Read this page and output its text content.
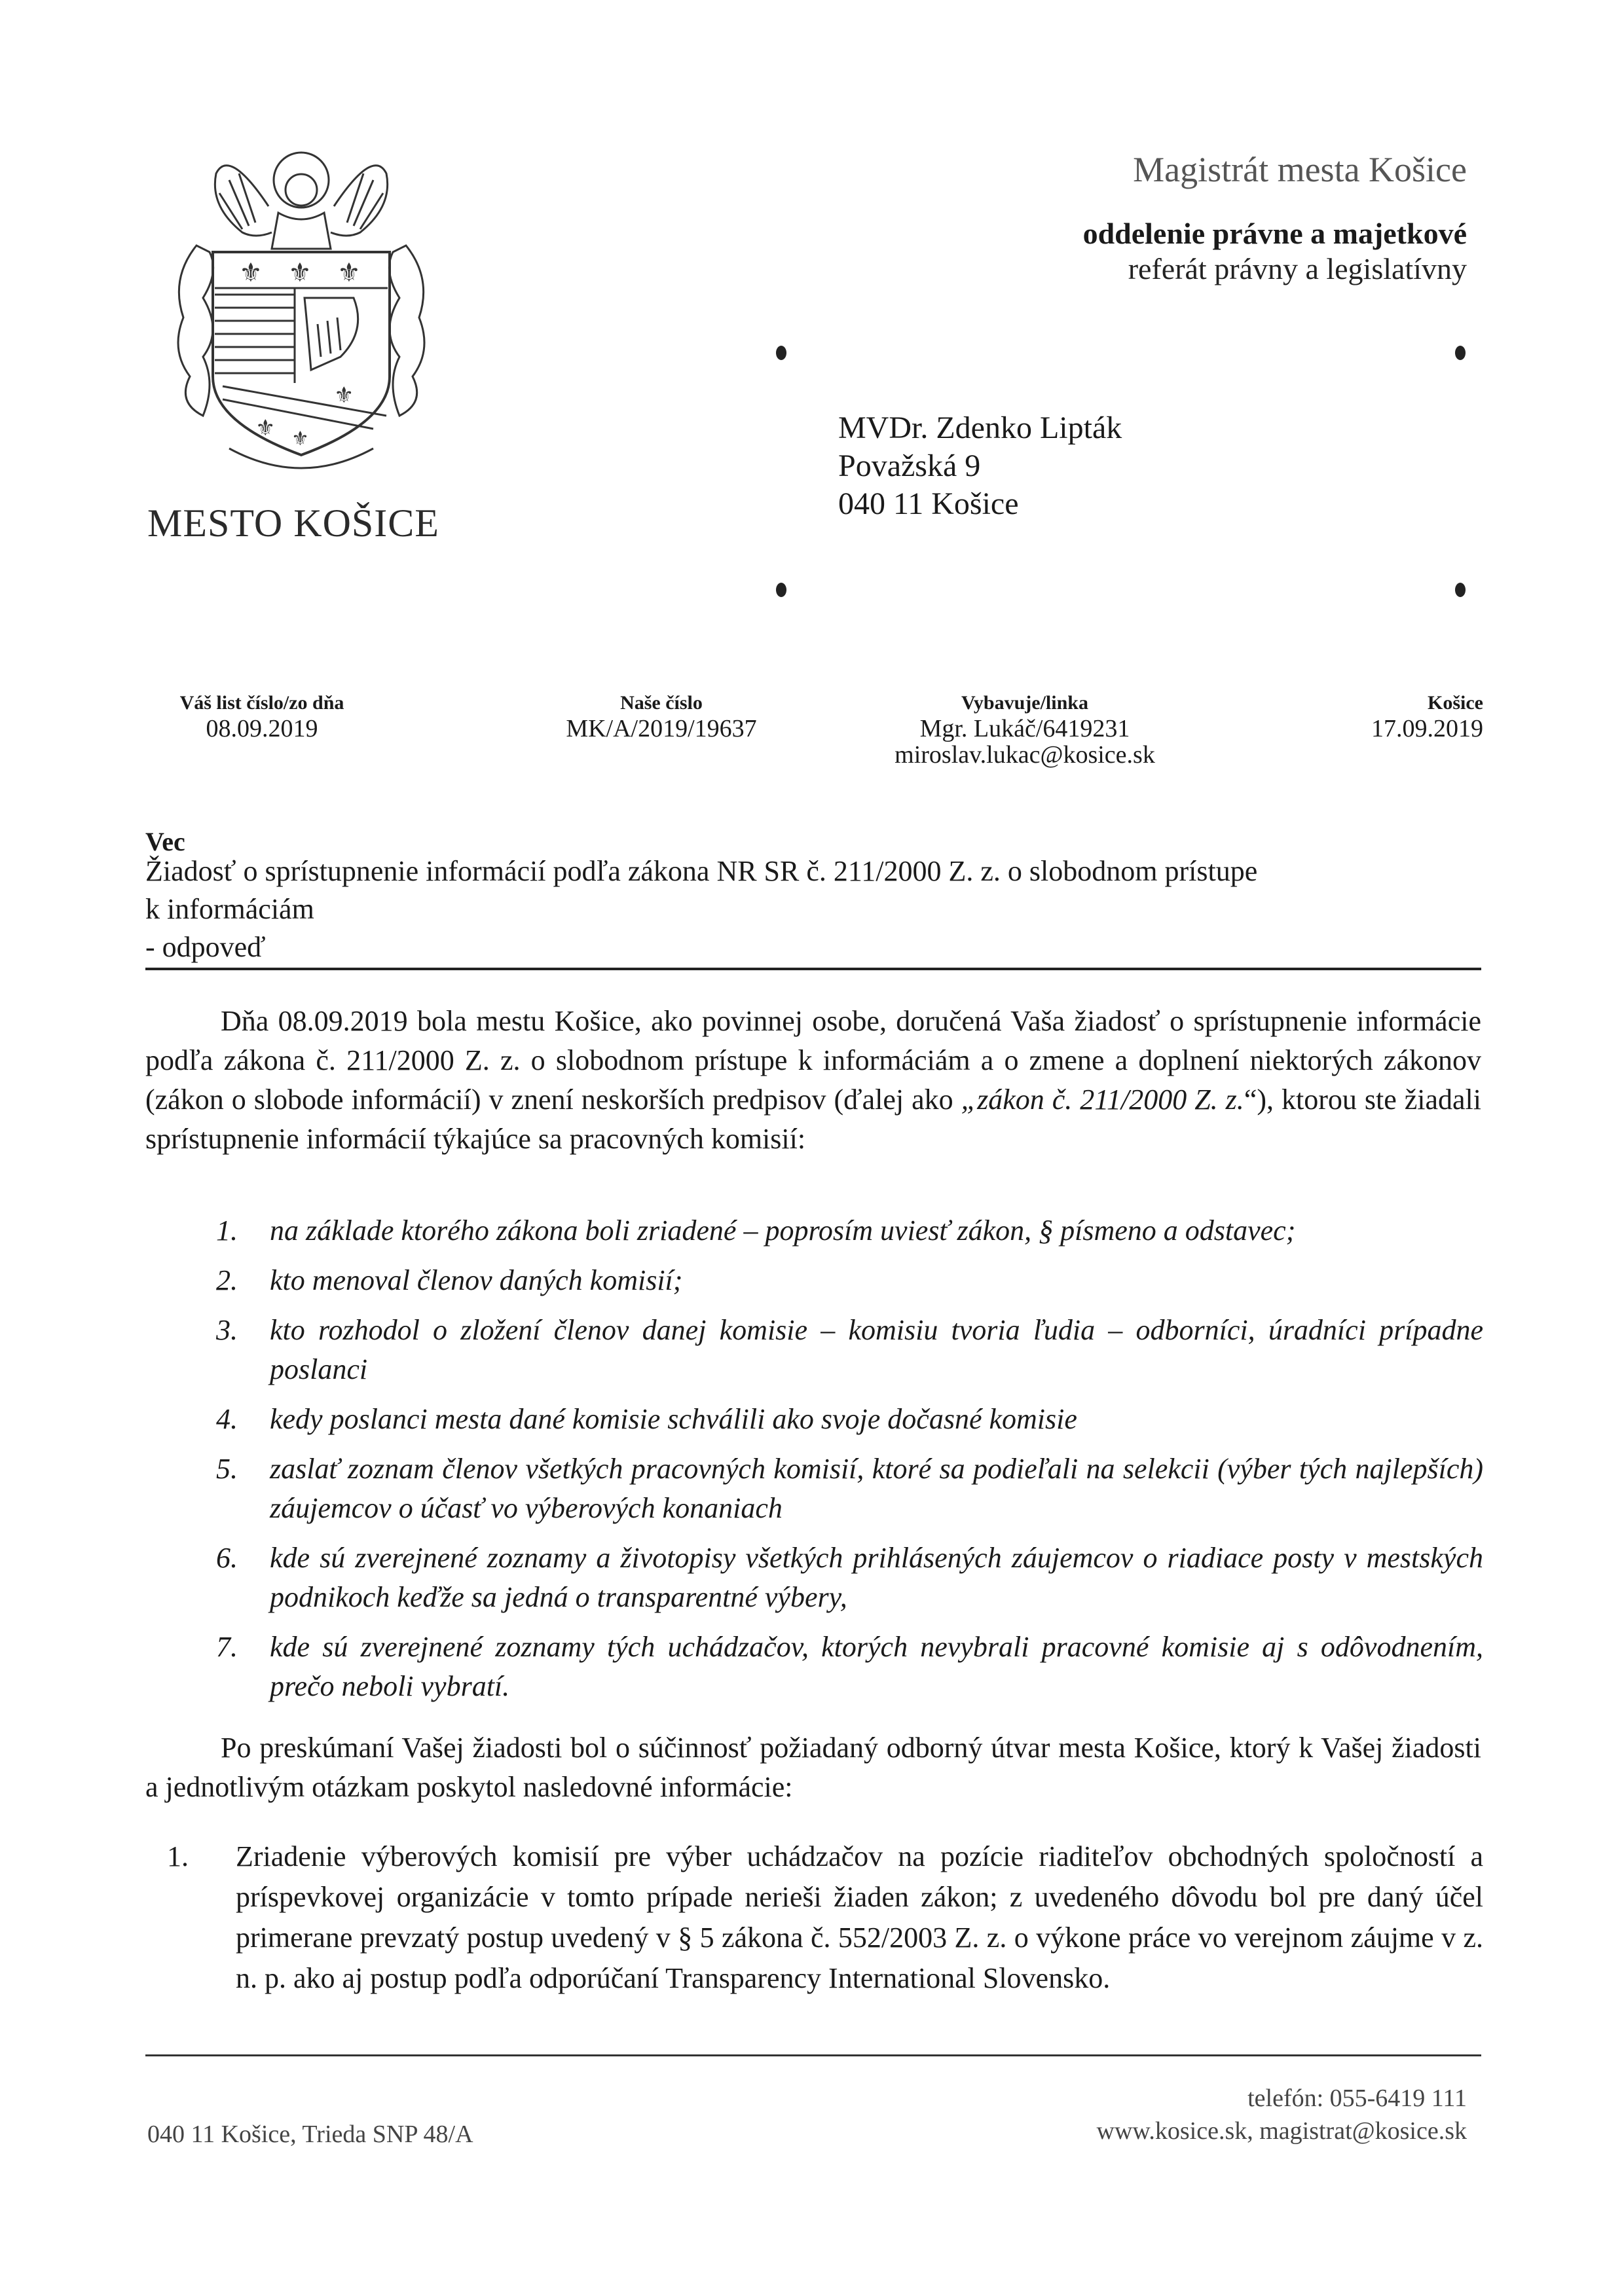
⚜ ⚜ ⚜
⚜
⚜ ⚜
MESTO KOŠICE
Magistrát mesta Košice
oddelenie právne a majetkové
referát právny a legislatívny
MVDr. Zdenko Lipták
Považská 9
040 11 Košice
Váš list číslo/zo dňa
08.09.2019
Naše číslo
MK/A/2019/19637
Vybavuje/linka
Mgr. Lukáč/6419231
miroslav.lukac@kosice.sk
Košice
17.09.2019
Vec
Žiadosť o sprístupnenie informácií podľa zákona NR SR č. 211/2000 Z. z. o slobodnom prístupe
k informáciám
- odpoveď
Dňa 08.09.2019 bola mestu Košice, ako povinnej osobe, doručená Vaša žiadosť o sprístupnenie informácie podľa zákona č. 211/2000 Z. z. o slobodnom prístupe k informáciám a o zmene a doplnení niektorých zákonov (zákon o slobode informácií) v znení neskorších predpisov (ďalej ako „zákon č. 211/2000 Z. z.“), ktorou ste žiadali sprístupnenie informácií týkajúce sa pracovných komisií:
1. na základe ktorého zákona boli zriadené – poprosím uviesť zákon, § písmeno a odstavec;
2. kto menoval členov daných komisií;
3. kto rozhodol o zložení členov danej komisie – komisiu tvoria ľudia – odborníci, úradníci prípadne poslanci
4. kedy poslanci mesta dané komisie schválili ako svoje dočasné komisie
5. zaslať zoznam členov všetkých pracovných komisií, ktoré sa podieľali na selekcii (výber tých najlepších) záujemcov o účasť vo výberových konaniach
6. kde sú zverejnené zoznamy a životopisy všetkých prihlásených záujemcov o riadiace posty v mestských podnikoch keďže sa jedná o transparentné výbery,
7. kde sú zverejnené zoznamy tých uchádzačov, ktorých nevybrali pracovné komisie aj s odôvodnením, prečo neboli vybratí.
Po preskúmaní Vašej žiadosti bol o súčinnosť požiadaný odborný útvar mesta Košice, ktorý k Vašej žiadosti a jednotlivým otázkam poskytol nasledovné informácie:
1. Zriadenie výberových komisií pre výber uchádzačov na pozície riaditeľov obchodných spoločností a príspevkovej organizácie v tomto prípade nerieši žiaden zákon; z uvedeného dôvodu bol pre daný účel primerane prevzatý postup uvedený v § 5 zákona č. 552/2003 Z. z. o výkone práce vo verejnom záujme v z. n. p. ako aj postup podľa odporúčaní Transparency International Slovensko.
040 11 Košice, Trieda SNP 48/A
telefón: 055-6419 111
www.kosice.sk, magistrat@kosice.sk
